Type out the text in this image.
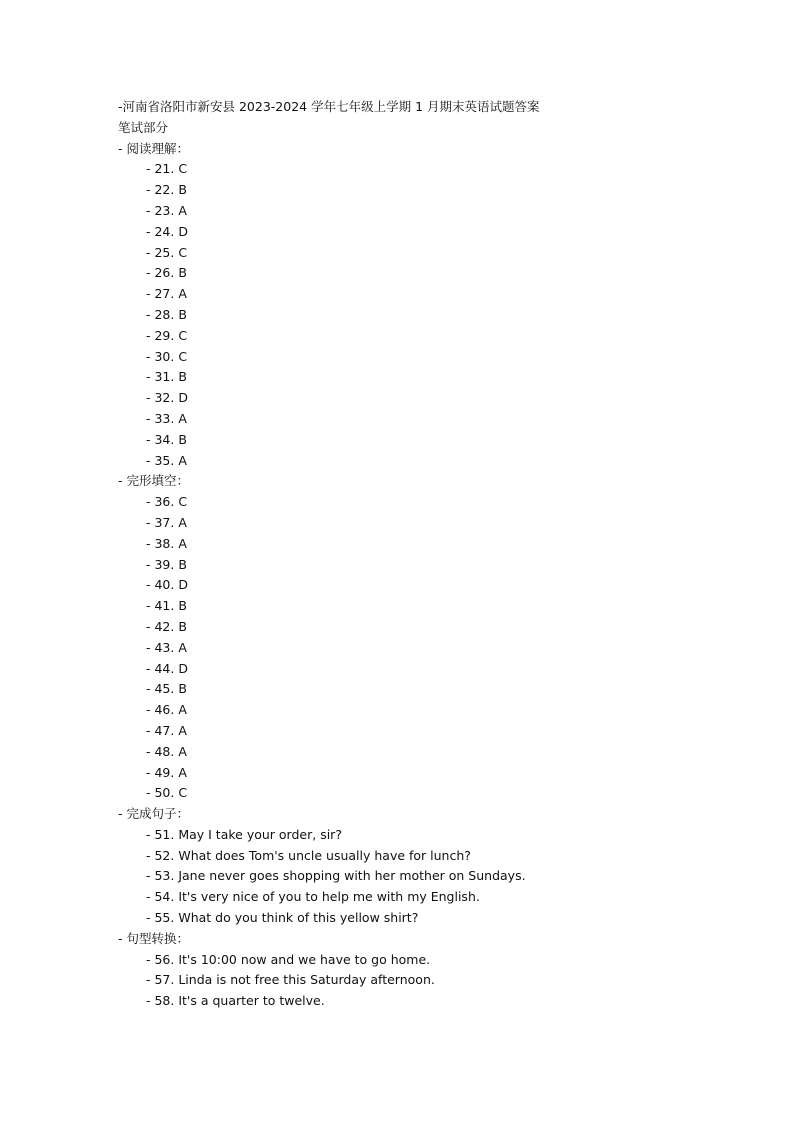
-河南省洛阳市新安县 2023-2024 学年七年级上学期 1 月期末英语试题答案
笔试部分
- 阅读理解：
- 21. C
- 22. B
- 23. A
- 24. D
- 25. C
- 26. B
- 27. A
- 28. B
- 29. C
- 30. C
- 31. B
- 32. D
- 33. A
- 34. B
- 35. A
- 完形填空：
- 36. C
- 37. A
- 38. A
- 39. B
- 40. D
- 41. B
- 42. B
- 43. A
- 44. D
- 45. B
- 46. A
- 47. A
- 48. A
- 49. A
- 50. C
- 完成句子：
- 51. May I take your order, sir?
- 52. What does Tom's uncle usually have for lunch?
- 53. Jane never goes shopping with her mother on Sundays.
- 54. It's very nice of you to help me with my English.
- 55. What do you think of this yellow shirt?
- 句型转换：
- 56. It's 10:00 now and we have to go home.
- 57. Linda is not free this Saturday afternoon.
- 58. It's a quarter to twelve.
